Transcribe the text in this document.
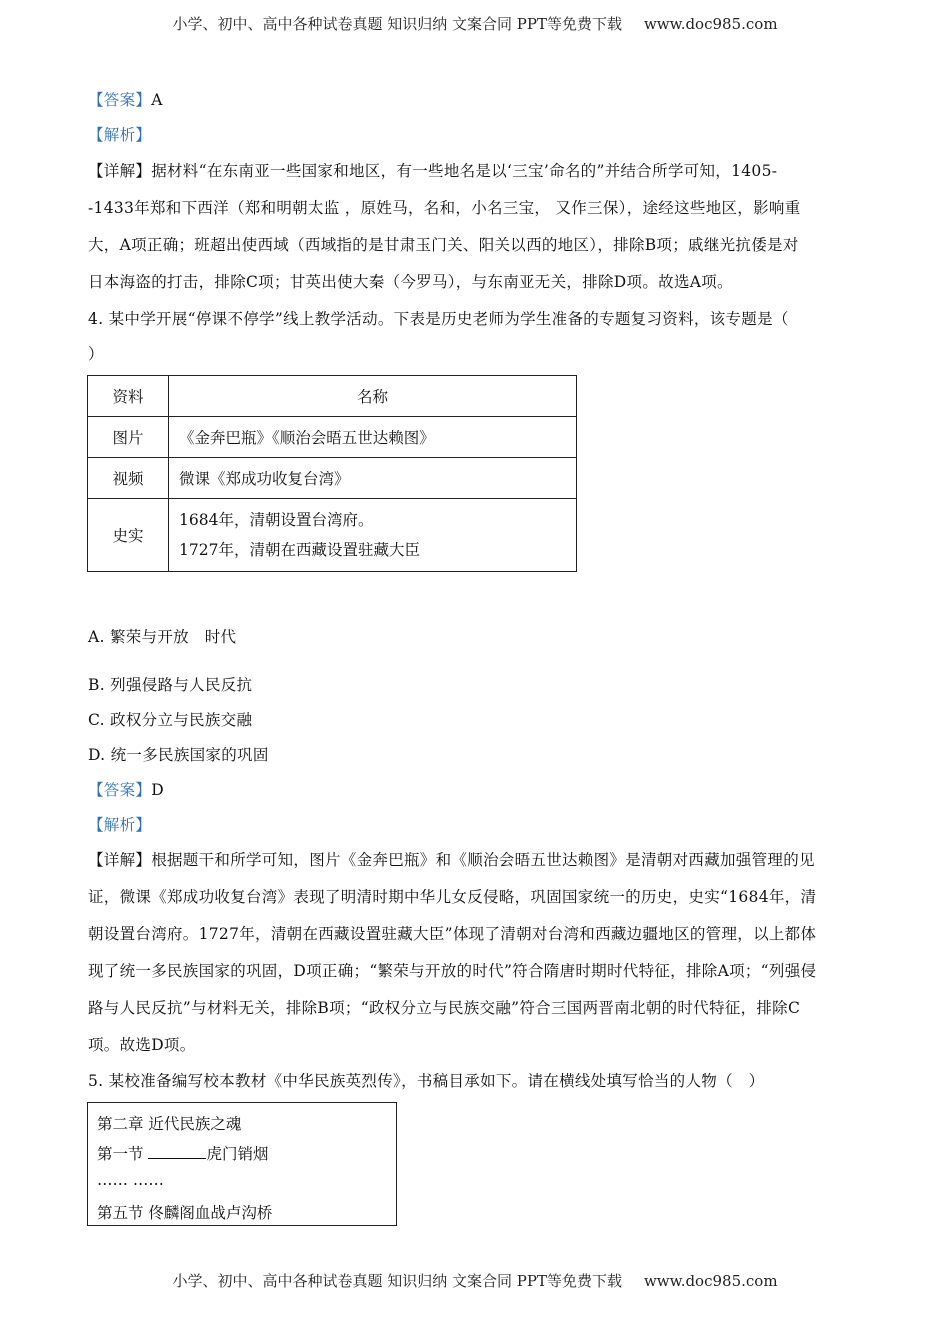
小学、初中、高中各种试卷真题 知识归纳 文案合同 PPT等免费下载 www.doc985.com
【答案】A
【解析】
【详解】据材料“在东南亚一些国家和地区，有一些地名是以‘三宝’命名的”并结合所学可知，1405-
-1433年郑和下西洋（郑和明朝太监 ，原姓马，名和，小名三宝， 又作三保），途经这些地区，影响重
大，A项正确；班超出使西域（西域指的是甘肃玉门关、阳关以西的地区），排除B项；戚继光抗倭是对
日本海盗的打击，排除C项；甘英出使大秦（今罗马），与东南亚无关，排除D项。故选A项。
4. 某中学开展“停课不停学”线上教学活动。下表是历史老师为学生准备的专题复习资料，该专题是（
）
资料	名称
图片	《金奔巴瓶》《顺治会晤五世达赖图》
视频	微课《郑成功收复台湾》
史实	1684年，清朝设置台湾府。
1727年，清朝在西藏设置驻藏大臣
A. 繁荣与开放　时代
B. 列强侵路与人民反抗
C. 政权分立与民族交融
D. 统一多民族国家的巩固
【答案】D
【解析】
【详解】根据题干和所学可知，图片《金奔巴瓶》和《顺治会晤五世达赖图》是清朝对西藏加强管理的见
证，微课《郑成功收复台湾》表现了明清时期中华儿女反侵略，巩固国家统一的历史，史实“1684年，清
朝设置台湾府。1727年，清朝在西藏设置驻藏大臣”体现了清朝对台湾和西藏边疆地区的管理，以上都体
现了统一多民族国家的巩固，D项正确；“繁荣与开放的时代”符合隋唐时期时代特征，排除A项；“列强侵
路与人民反抗”与材料无关，排除B项；“政权分立与民族交融”符合三国两晋南北朝的时代特征，排除C
项。故选D项。
5. 某校准备编写校本教材《中华民族英烈传》，书稿目承如下。请在横线处填写恰当的人物（　）
第二章 近代民族之魂
第一节	虎门销烟
…… ……
第五节 佟麟阁血战卢沟桥
小学、初中、高中各种试卷真题 知识归纳 文案合同 PPT等免费下载 www.doc985.com
